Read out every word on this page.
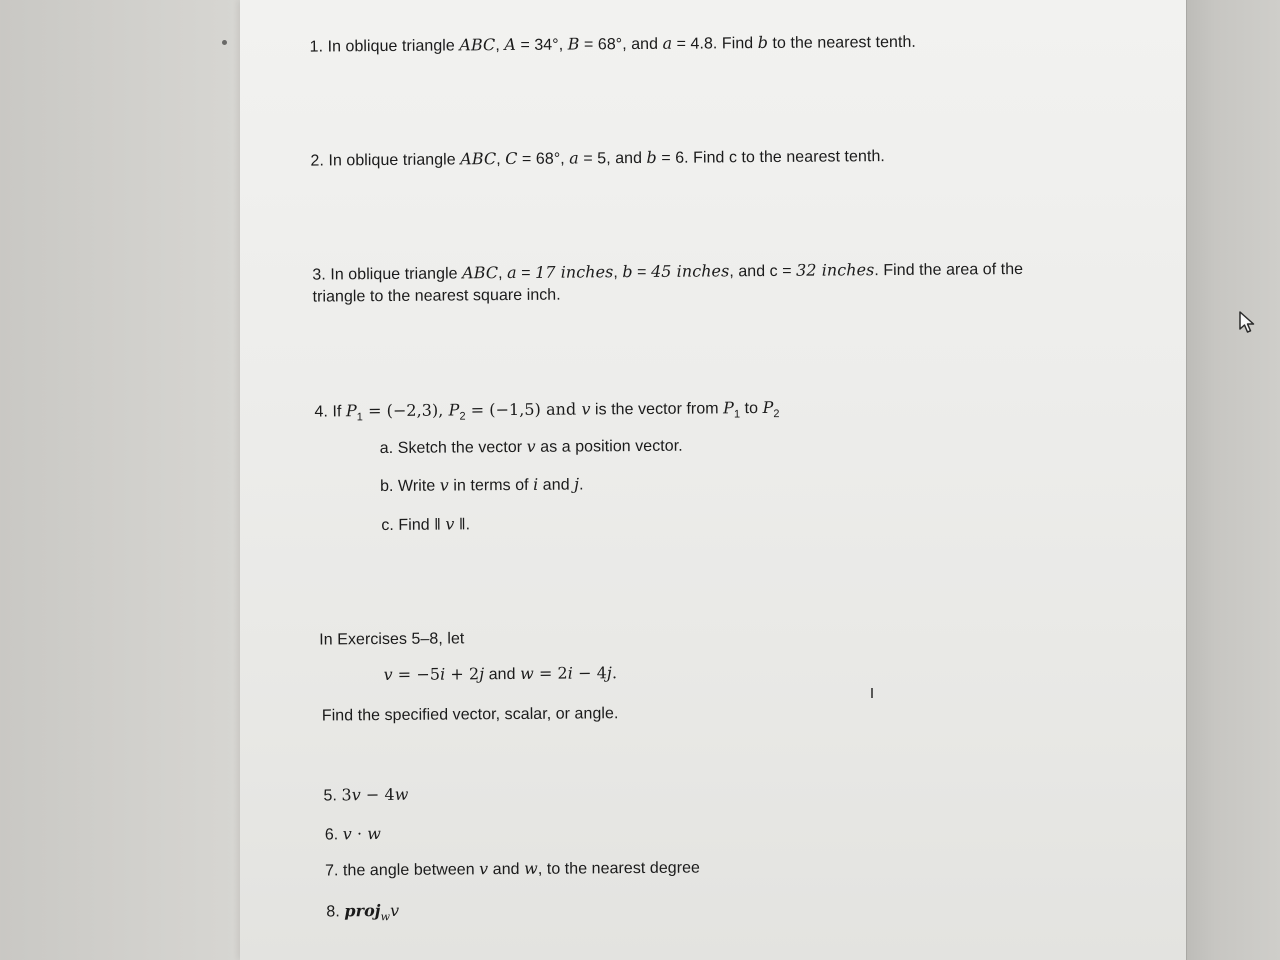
1. In oblique triangle ABC, A = 34°, B = 68°, and a = 4.8. Find b to the nearest tenth.
2. In oblique triangle ABC, C = 68°, a = 5, and b = 6. Find c to the nearest tenth.
3. In oblique triangle ABC, a = 17 inches, b = 45 inches, and c = 32 inches. Find the area of the
triangle to the nearest square inch.
4. If $P_1 = (-2,3)$, $P_2 = (-1,5)$ and v is the vector from $P_1$ to $P_2$
a. Sketch the vector v as a position vector.
b. Write v in terms of i and j.
c. Find ‖ v ‖.
In Exercises 5–8, let
v = −5i + 2j and w = 2i − 4j.
Find the specified vector, scalar, or angle.
5. 3v − 4w
6. v · w
7. the angle between v and w, to the nearest degree
8. proj$_w$v
